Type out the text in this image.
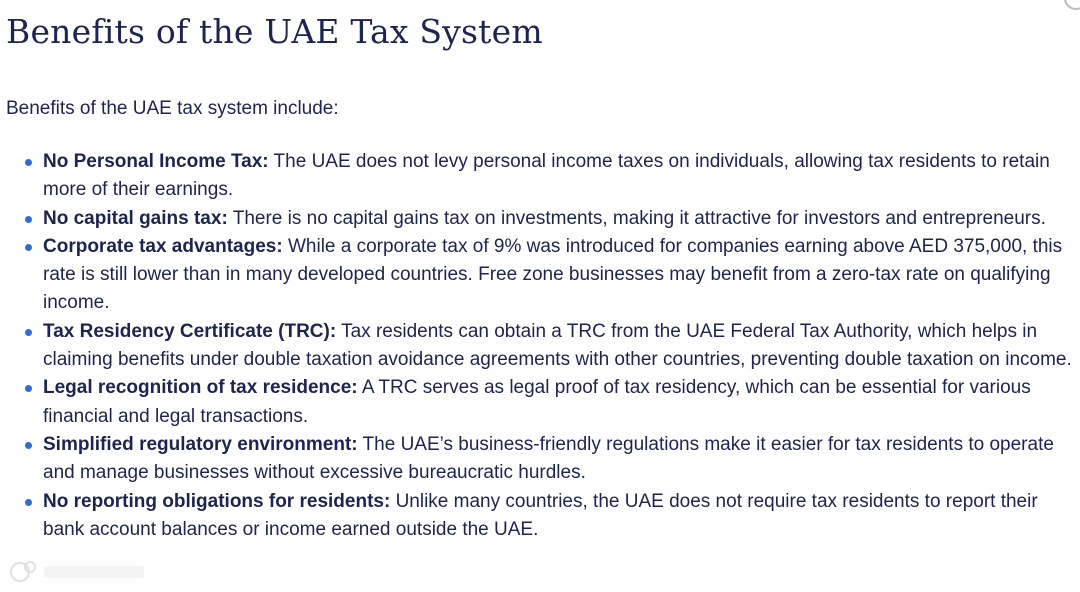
Benefits of the UAE Tax System

Benefits of the UAE tax system include:

No Personal Income Tax: The UAE does not levy personal income taxes on individuals, allowing tax residents to retain more of their earnings.
No capital gains tax: There is no capital gains tax on investments, making it attractive for investors and entrepreneurs.
Corporate tax advantages: While a corporate tax of 9% was introduced for companies earning above AED 375,000, this rate is still lower than in many developed countries. Free zone businesses may benefit from a zero-tax rate on qualifying income.
Tax Residency Certificate (TRC): Tax residents can obtain a TRC from the UAE Federal Tax Authority, which helps in claiming benefits under double taxation avoidance agreements with other countries, preventing double taxation on income.
Legal recognition of tax residence: A TRC serves as legal proof of tax residency, which can be essential for various financial and legal transactions.
Simplified regulatory environment: The UAE’s business-friendly regulations make it easier for tax residents to operate and manage businesses without excessive bureaucratic hurdles.
No reporting obligations for residents: Unlike many countries, the UAE does not require tax residents to report their bank account balances or income earned outside the UAE.
